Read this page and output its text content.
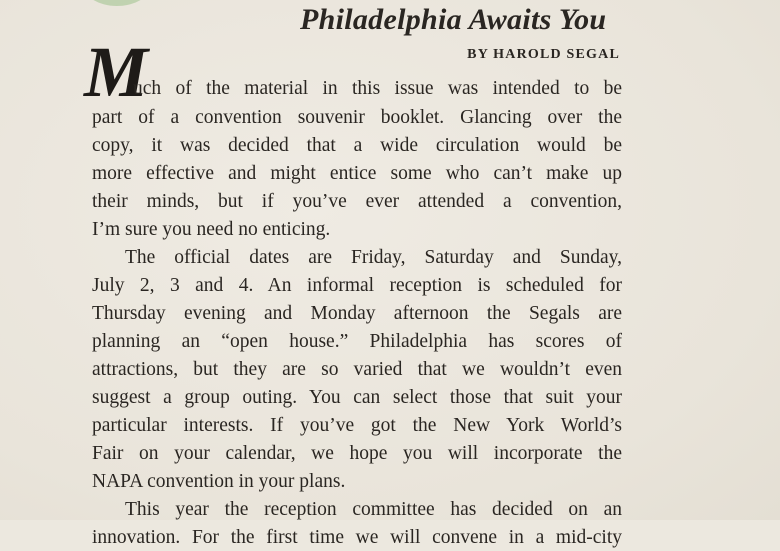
Philadelphia Awaits You
BY HAROLD SEGAL
M
uch of the material in this issue was intended to be
part of a convention souvenir booklet. Glancing over the
copy, it was decided that a wide circulation would be
more effective and might entice some who can’t make up
their minds, but if you’ve ever attended a convention,
I’m sure you need no enticing.
The official dates are Friday, Saturday and Sunday,
July 2, 3 and 4. An informal reception is scheduled for
Thursday evening and Monday afternoon the Segals are
planning an “open house.” Philadelphia has scores of
attractions, but they are so varied that we wouldn’t even
suggest a group outing. You can select those that suit your
particular interests. If you’ve got the New York World’s
Fair on your calendar, we hope you will incorporate the
NAPA convention in your plans.
This year the reception committee has decided on an
innovation. For the first time we will convene in a mid-city
